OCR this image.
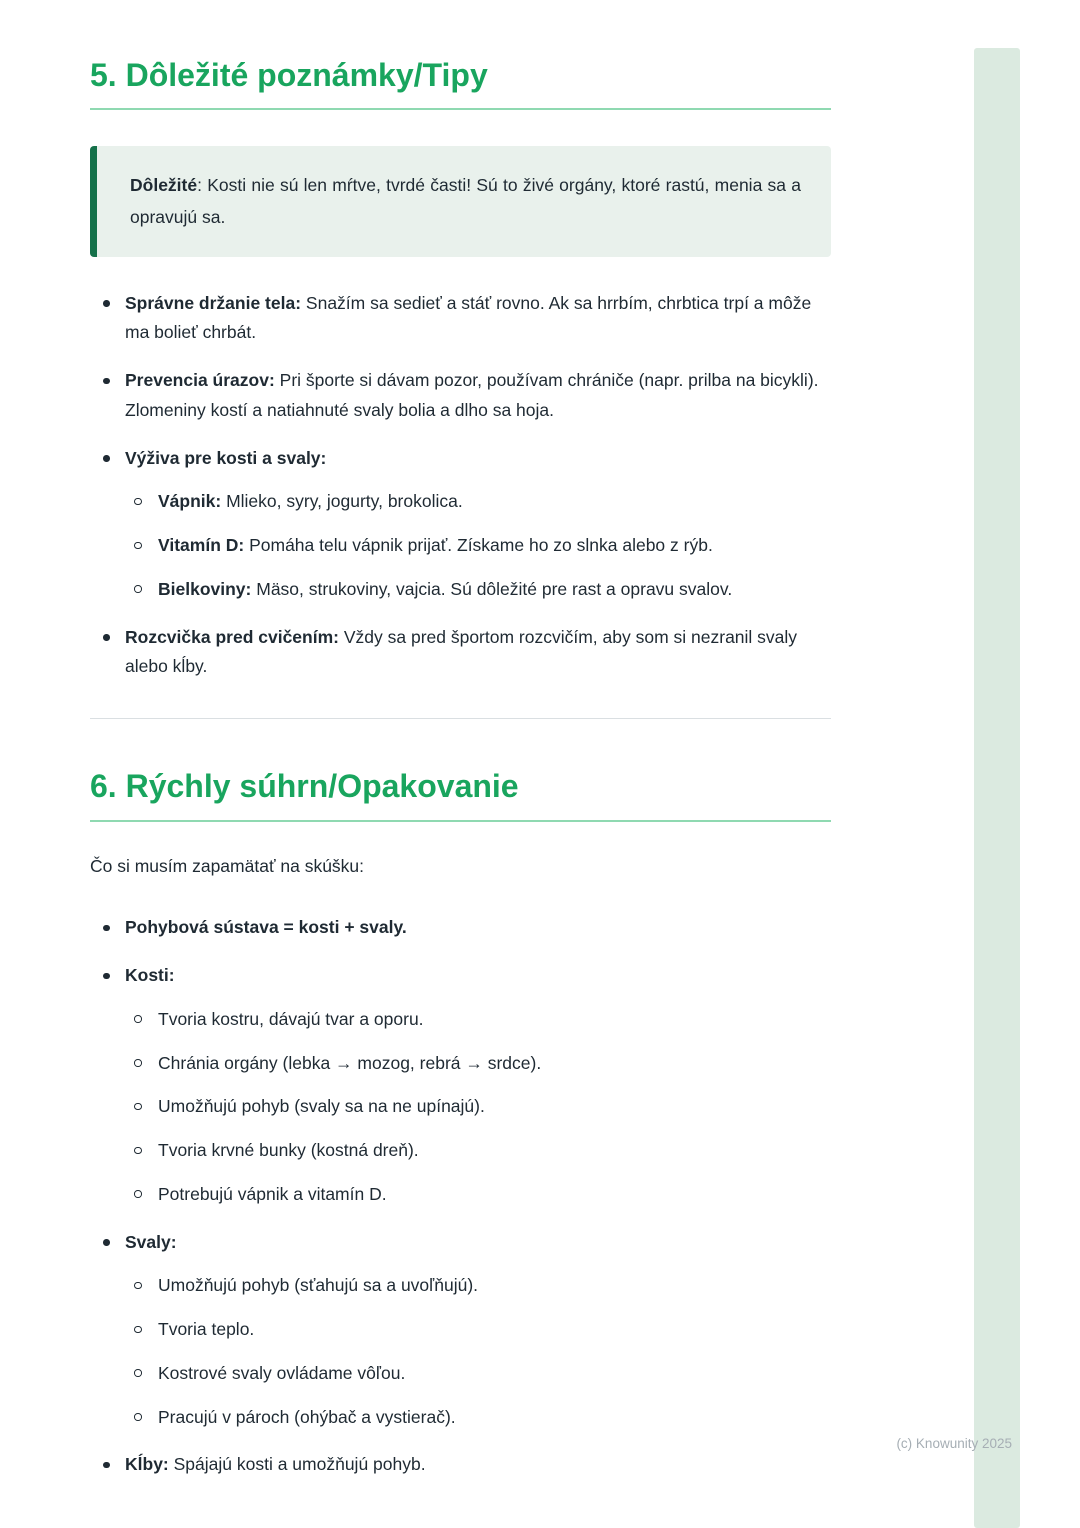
5. Dôležité poznámky/Tipy

Dôležité: Kosti nie sú len mŕtve, tvrdé časti! Sú to živé orgány, ktoré rastú, menia sa a opravujú sa.

Správne držanie tela: Snažím sa sedieť a stáť rovno. Ak sa hrrbím, chrbtica trpí a môže ma bolieť chrbát.
Prevencia úrazov: Pri športe si dávam pozor, používam chrániče (napr. prilba na bicykli). Zlomeniny kostí a natiahnuté svaly bolia a dlho sa hoja.
Výživa pre kosti a svaly:
Vápnik: Mlieko, syry, jogurty, brokolica.
Vitamín D: Pomáha telu vápnik prijať. Získame ho zo slnka alebo z rýb.
Bielkoviny: Mäso, strukoviny, vajcia. Sú dôležité pre rast a opravu svalov.
Rozcvička pred cvičením: Vždy sa pred športom rozcvičím, aby som si nezranil svaly alebo kĺby.
6. Rýchly súhrn/Opakovanie

Čo si musím zapamätať na skúšku:

Pohybová sústava = kosti + svaly.
Kosti:
Tvoria kostru, dávajú tvar a oporu.
Chránia orgány (lebka → mozog, rebrá → srdce).
Umožňujú pohyb (svaly sa na ne upínajú).
Tvoria krvné bunky (kostná dreň).
Potrebujú vápnik a vitamín D.
Svaly:
Umožňujú pohyb (sťahujú sa a uvoľňujú).
Tvoria teplo.
Kostrové svaly ovládame vôľou.
Pracujú v pároch (ohýbač a vystierač).
Kĺby: Spájajú kosti a umožňujú pohyb.
(c) Knowunity 2025
